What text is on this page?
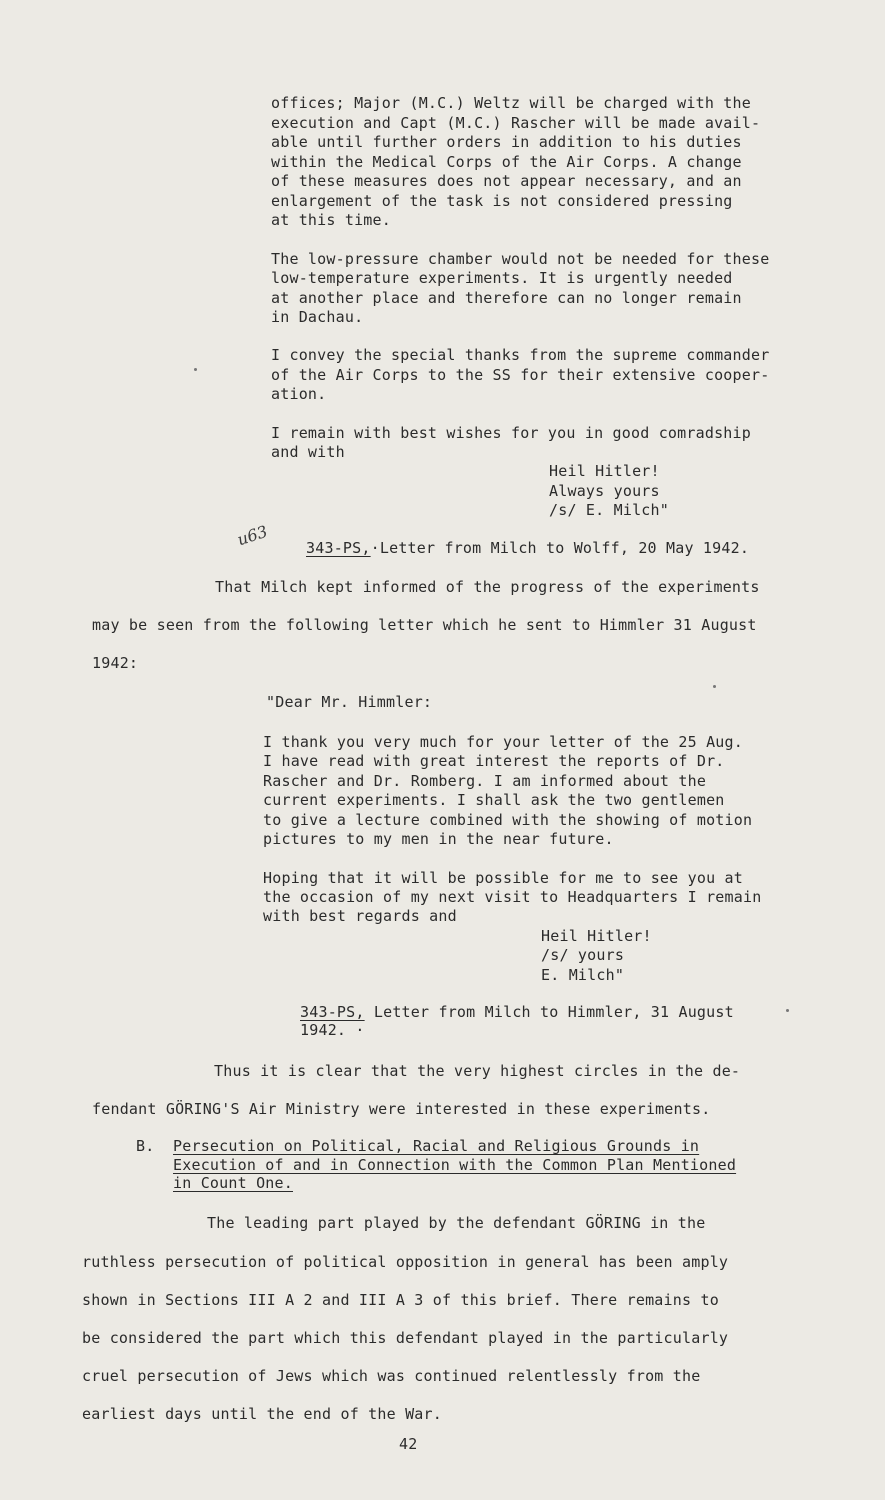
offices; Major (M.C.) Weltz will be charged with the
execution and Capt (M.C.) Rascher will be made avail-
able until further orders in addition to his duties
within the Medical Corps of the Air Corps. A change
of these measures does not appear necessary, and an
enlargement of the task is not considered pressing
at this time.
The low-pressure chamber would not be needed for these
low-temperature experiments. It is urgently needed
at another place and therefore can no longer remain
in Dachau.
I convey the special thanks from the supreme commander
of the Air Corps to the SS for their extensive cooper-
ation.
I remain with best wishes for you in good comradship
and with
Heil Hitler!
Always yours
/s/ E. Milch"
u63 343-PS,·Letter from Milch to Wolff, 20 May 1942.
That Milch kept informed of the progress of the experiments
may be seen from the following letter which he sent to Himmler 31 August
1942:
"Dear Mr. Himmler:
I thank you very much for your letter of the 25 Aug.
I have read with great interest the reports of Dr.
Rascher and Dr. Romberg. I am informed about the
current experiments. I shall ask the two gentlemen
to give a lecture combined with the showing of motion
pictures to my men in the near future.
Hoping that it will be possible for me to see you at
the occasion of my next visit to Headquarters I remain
with best regards and
Heil Hitler!
/s/ yours
E. Milch"
343-PS, Letter from Milch to Himmler, 31 August
1942. ·
Thus it is clear that the very highest circles in the de-
fendant GÖRING'S Air Ministry were interested in these experiments.
B. Persecution on Political, Racial and Religious Grounds in
Execution of and in Connection with the Common Plan Mentioned
in Count One.
The leading part played by the defendant GÖRING in the
ruthless persecution of political opposition in general has been amply
shown in Sections III A 2 and III A 3 of this brief. There remains to
be considered the part which this defendant played in the particularly
cruel persecution of Jews which was continued relentlessly from the
earliest days until the end of the War.
42
